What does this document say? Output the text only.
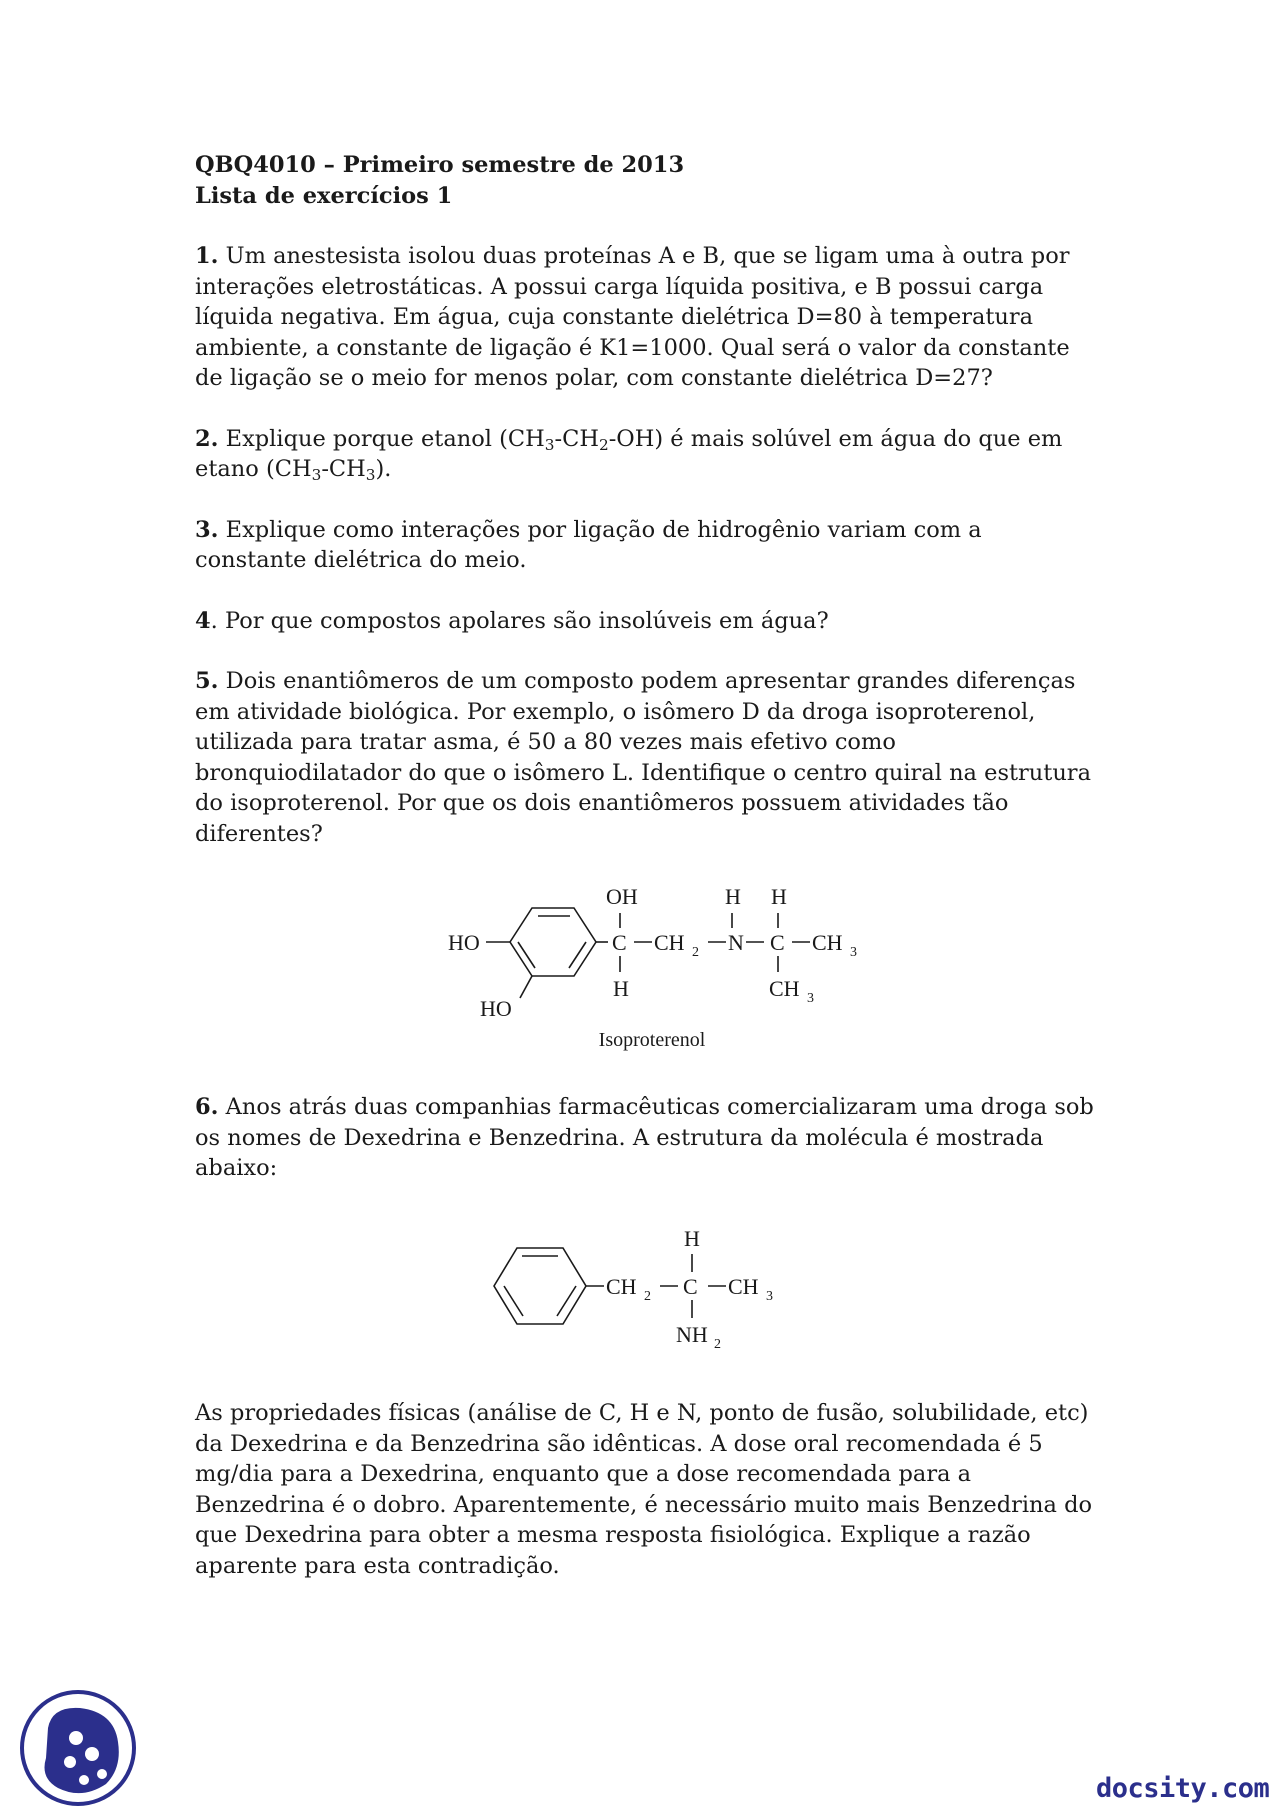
QBQ4010 – Primeiro semestre de 2013
Lista de exercícios 1
1. Um anestesista isolou duas proteínas A e B, que se ligam uma à outra por interações eletrostáticas. A possui carga líquida positiva, e B possui carga líquida negativa. Em água, cuja constante dielétrica D=80 à temperatura ambiente, a constante de ligação é K1=1000. Qual será o valor da constante de ligação se o meio for menos polar, com constante dielétrica D=27?
2. Explique porque etanol $(CH_3-CH_2-OH)$ é mais solúvel em água do que em etano $(CH_3-CH_3)$.
3. Explique como interações por ligação de hidrogênio variam com a constante dielétrica do meio.
4. Por que compostos apolares são insolúveis em água?
5. Dois enantiômeros de um composto podem apresentar grandes diferenças em atividade biológica. Por exemplo, o isômero D da droga isoproterenol, utilizada para tratar asma, é 50 a 80 vezes mais efetivo como bronquiodilatador do que o isômero L. Identifique o centro quiral na estrutura do isoproterenol. Por que os dois enantiômeros possuem atividades tão diferentes?
HO
HO
OH
C
H
CH 2 N
H H
C CH 3
CH 3
Isoproterenol
6. Anos atrás duas companhias farmacêuticas comercializaram uma droga sob os nomes de Dexedrina e Benzedrina. A estrutura da molécula é mostrada abaixo:
H
CH 2 C CH 3
NH 2
As propriedades físicas (análise de C, H e N, ponto de fusão, solubilidade, etc) da Dexedrina e da Benzedrina são idênticas. A dose oral recomendada é 5 mg/dia para a Dexedrina, enquanto que a dose recomendada para a Benzedrina é o dobro. Aparentemente, é necessário muito mais Benzedrina do que Dexedrina para obter a mesma resposta fisiológica. Explique a razão aparente para esta contradição.
docsity.com
